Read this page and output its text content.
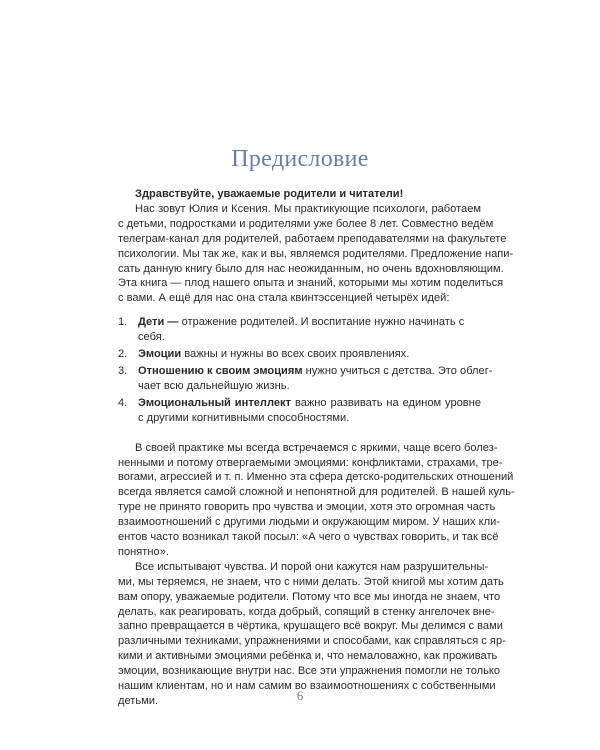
Предисловие
Здравствуйте, уважаемые родители и читатели!
Нас зовут Юлия и Ксения. Мы практикующие психологи, работаем
с детьми, подростками и родителями уже более 8 лет. Совместно ведём
телеграм-канал для родителей, работаем преподавателями на факультете
психологии. Мы так же, как и вы, являемся родителями. Предложение напи-
сать данную книгу было для нас неожиданным, но очень вдохновляющим.
Эта книга — плод нашего опыта и знаний, которыми мы хотим поделиться
с вами. А ещё для нас она стала квинтэссенцией четырёх идей:
1. Дети — отражение родителей. И воспитание нужно начинать с себя.
2. Эмоции важны и нужны во всех своих проявлениях.
3. Отношению к своим эмоциям нужно учиться с детства. Это облег-
чает всю дальнейшую жизнь.
4. Эмоциональный интеллект важно развивать на едином уровне
с другими когнитивными способностями.
В своей практике мы всегда встречаемся с яркими, чаще всего болез-
ненными и потому отвергаемыми эмоциями: конфликтами, страхами, тре-
вогами, агрессией и т. п. Именно эта сфера детско-родительских отношений
всегда является самой сложной и непонятной для родителей. В нашей куль-
туре не принято говорить про чувства и эмоции, хотя это огромная часть
взаимоотношений с другими людьми и окружающим миром. У наших кли-
ентов часто возникал такой посыл: «А чего о чувствах говорить, и так всё
понятно».
Все испытывают чувства. И порой они кажутся нам разрушительны-
ми, мы теряемся, не знаем, что с ними делать. Этой книгой мы хотим дать
вам опору, уважаемые родители. Потому что все мы иногда не знаем, что
делать, как реагировать, когда добрый, сопящий в стенку ангелочек вне-
запно превращается в чёртика, крушащего всё вокруг. Мы делимся с вами
различными техниками, упражнениями и способами, как справляться с яр-
кими и активными эмоциями ребёнка и, что немаловажно, как проживать
эмоции, возникающие внутри нас. Все эти упражнения помогли не только
нашим клиентам, но и нам самим во взаимоотношениях с собственными
детьми.	6
